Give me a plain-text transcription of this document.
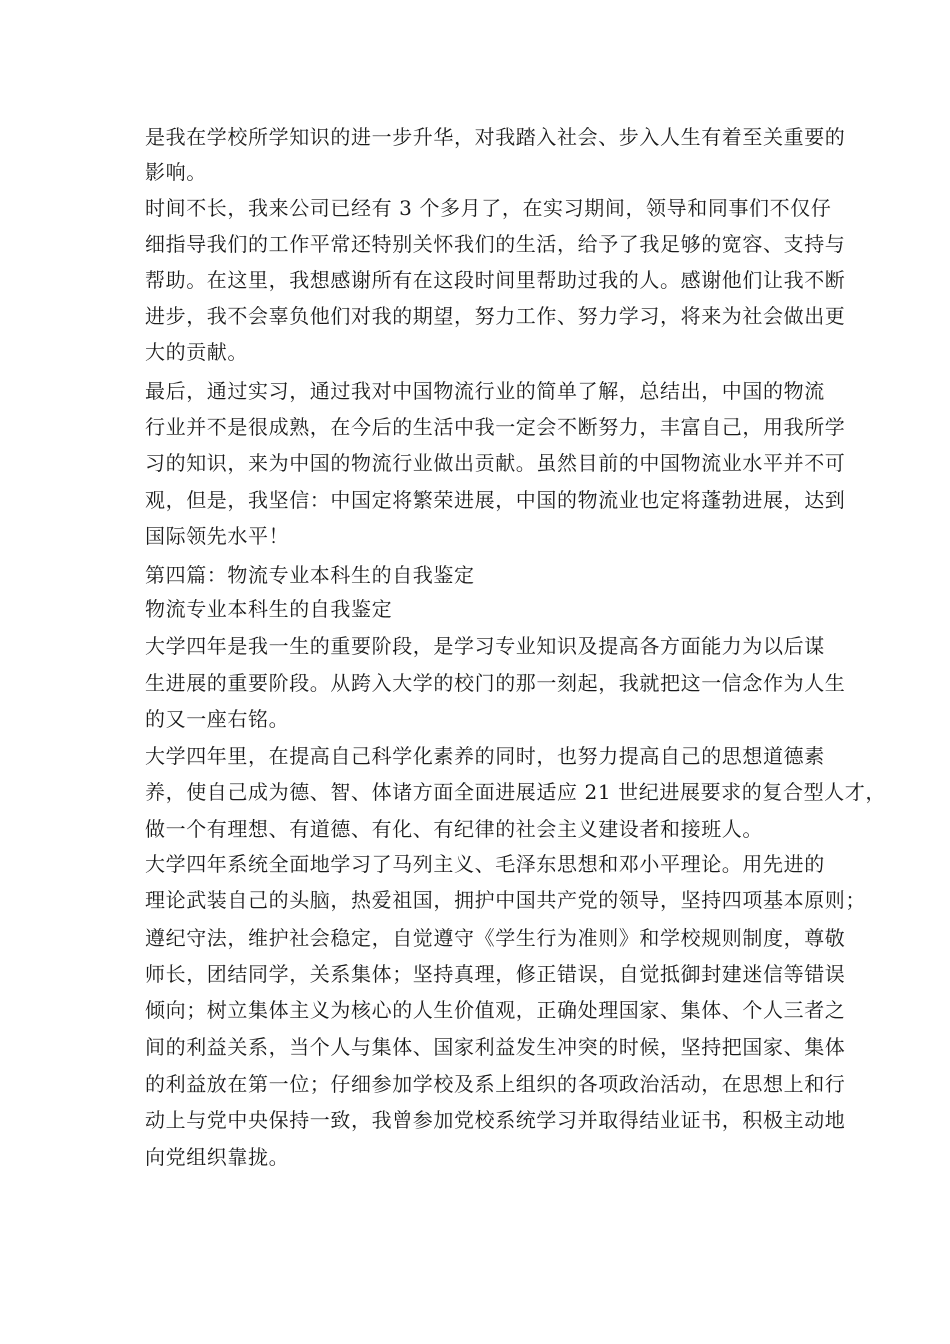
是我在学校所学知识的进一步升华，对我踏入社会、步入人生有着至关重要的
影响。
时间不长，我来公司已经有 3 个多月了，在实习期间，领导和同事们不仅仔
细指导我们的工作平常还特别关怀我们的生活，给予了我足够的宽容、支持与
帮助。在这里，我想感谢所有在这段时间里帮助过我的人。感谢他们让我不断
进步，我不会辜负他们对我的期望，努力工作、努力学习，将来为社会做出更
大的贡献。
最后，通过实习，通过我对中国物流行业的简单了解，总结出，中国的物流
行业并不是很成熟，在今后的生活中我一定会不断努力，丰富自己，用我所学
习的知识，来为中国的物流行业做出贡献。虽然目前的中国物流业水平并不可
观，但是，我坚信：中国定将繁荣进展，中国的物流业也定将蓬勃进展，达到
国际领先水平！
第四篇：物流专业本科生的自我鉴定
物流专业本科生的自我鉴定
大学四年是我一生的重要阶段，是学习专业知识及提高各方面能力为以后谋
生进展的重要阶段。从跨入大学的校门的那一刻起，我就把这一信念作为人生
的又一座右铭。
大学四年里，在提高自己科学化素养的同时，也努力提高自己的思想道德素
养，使自己成为德、智、体诸方面全面进展适应 21 世纪进展要求的复合型人才，
做一个有理想、有道德、有化、有纪律的社会主义建设者和接班人。
大学四年系统全面地学习了马列主义、毛泽东思想和邓小平理论。用先进的
理论武装自己的头脑，热爱祖国，拥护中国共产党的领导，坚持四项基本原则；
遵纪守法，维护社会稳定，自觉遵守《学生行为准则》和学校规则制度，尊敬
师长，团结同学，关系集体；坚持真理，修正错误，自觉抵御封建迷信等错误
倾向；树立集体主义为核心的人生价值观，正确处理国家、集体、个人三者之
间的利益关系，当个人与集体、国家利益发生冲突的时候，坚持把国家、集体
的利益放在第一位；仔细参加学校及系上组织的各项政治活动，在思想上和行
动上与党中央保持一致，我曾参加党校系统学习并取得结业证书，积极主动地
向党组织靠拢。
